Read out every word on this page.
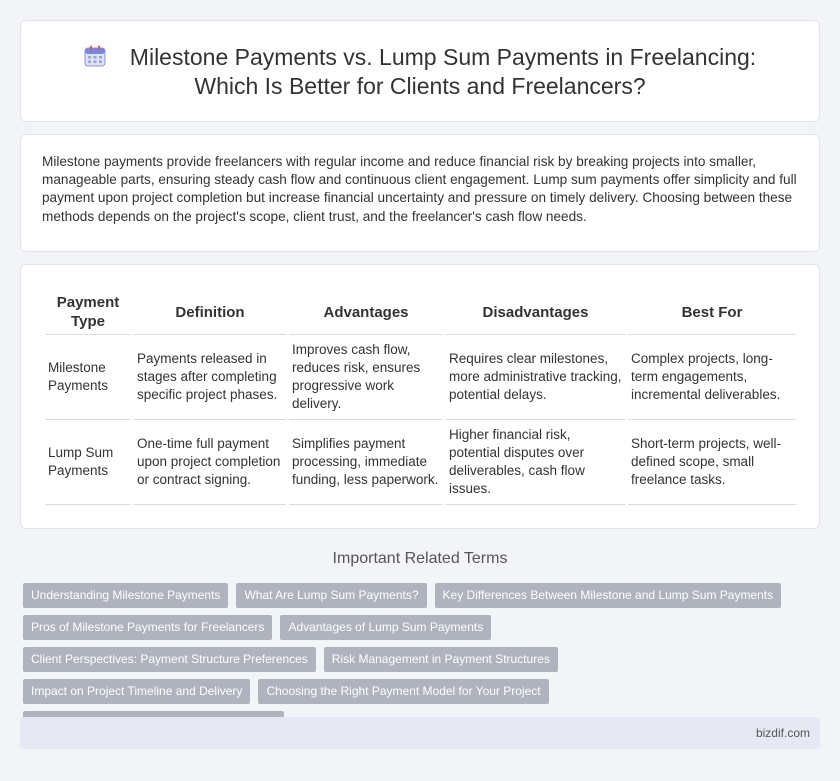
Milestone Payments vs. Lump Sum Payments in Freelancing:
Which Is Better for Clients and Freelancers?

Milestone payments provide freelancers with regular income and reduce financial risk by breaking projects into smaller, manageable parts, ensuring steady cash flow and continuous client engagement. Lump sum payments offer simplicity and full payment upon project completion but increase financial uncertainty and pressure on timely delivery. Choosing between these methods depends on the project's scope, client trust, and the freelancer's cash flow needs.

Payment Type	Definition	Advantages	Disadvantages	Best For
Milestone Payments	Payments released in stages after completing specific project phases.	Improves cash flow, reduces risk, ensures progressive work delivery.	Requires clear milestones, more administrative tracking, potential delays.	Complex projects, long-term engagements, incremental deliverables.
Lump Sum Payments	One-time full payment upon project completion or contract signing.	Simplifies payment processing, immediate funding, less paperwork.	Higher financial risk, potential disputes over deliverables, cash flow issues.	Short-term projects, well-defined scope, small freelance tasks.
Important Related Terms
Understanding Milestone Payments	What Are Lump Sum Payments?	Key Differences Between Milestone and Lump Sum Payments
Pros of Milestone Payments for Freelancers	Advantages of Lump Sum Payments
Client Perspectives: Payment Structure Preferences	Risk Management in Payment Structures
Impact on Project Timeline and Delivery	Choosing the Right Payment Model for Your Project
bizdif.com
